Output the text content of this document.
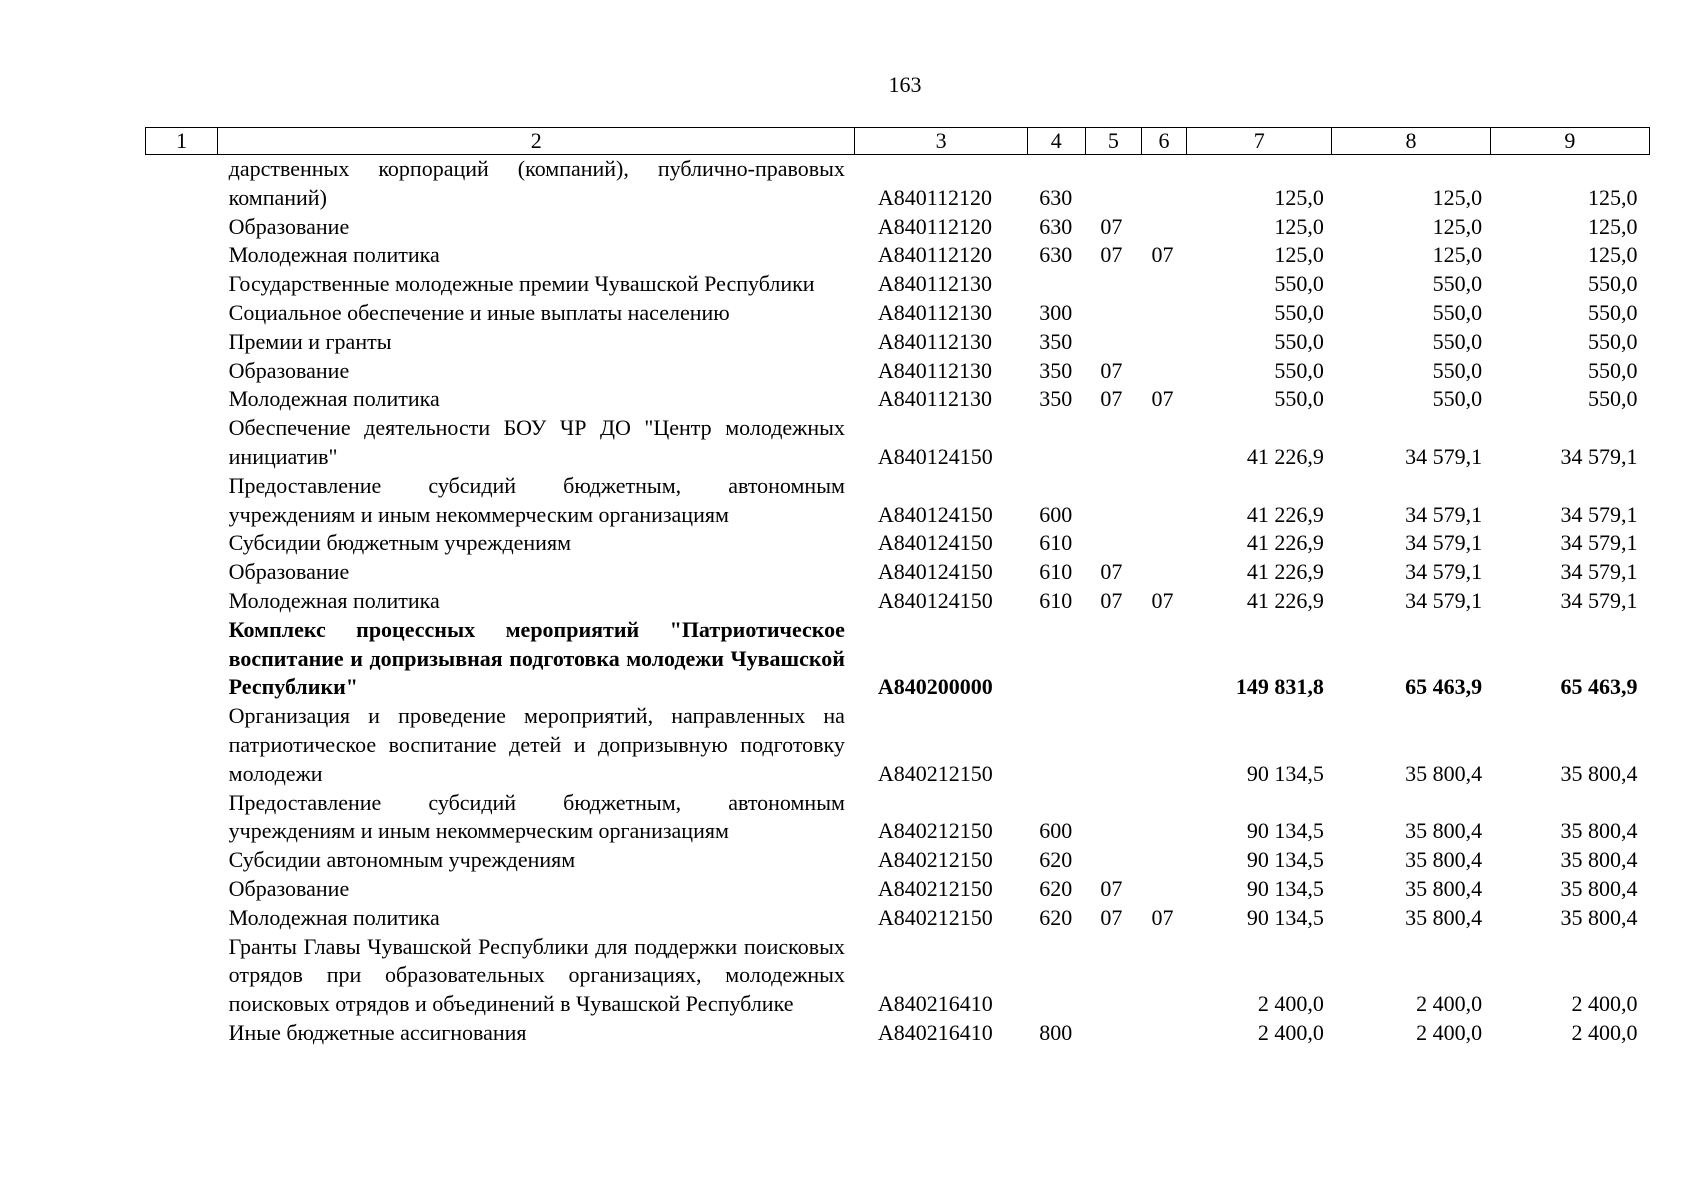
163
1	2	3	4	5	6	7	8	9
	дарственных корпораций (компаний), публично-правовых компаний)	А840112120	630			125,0	125,0	125,0
	Образование	А840112120	630	07		125,0	125,0	125,0
	Молодежная политика	А840112120	630	07	07	125,0	125,0	125,0
	Государственные молодежные премии Чувашской Республики	А840112130				550,0	550,0	550,0
	Социальное обеспечение и иные выплаты населению	А840112130	300			550,0	550,0	550,0
	Премии и гранты	А840112130	350			550,0	550,0	550,0
	Образование	А840112130	350	07		550,0	550,0	550,0
	Молодежная политика	А840112130	350	07	07	550,0	550,0	550,0
	Обеспечение деятельности БОУ ЧР ДО "Центр молодежных инициатив"	А840124150				41 226,9	34 579,1	34 579,1
	Предоставление субсидий бюджетным, автономным учреждениям и иным некоммерческим организациям	А840124150	600			41 226,9	34 579,1	34 579,1
	Субсидии бюджетным учреждениям	А840124150	610			41 226,9	34 579,1	34 579,1
	Образование	А840124150	610	07		41 226,9	34 579,1	34 579,1
	Молодежная политика	А840124150	610	07	07	41 226,9	34 579,1	34 579,1
	Комплекс процессных мероприятий "Патриотическое воспитание и допризывная подготовка молодежи Чувашской Республики"	А840200000				149 831,8	65 463,9	65 463,9
	Организация и проведение мероприятий, направленных на патриотическое воспитание детей и допризывную подготовку молодежи	А840212150				90 134,5	35 800,4	35 800,4
	Предоставление субсидий бюджетным, автономным учреждениям и иным некоммерческим организациям	А840212150	600			90 134,5	35 800,4	35 800,4
	Субсидии автономным учреждениям	А840212150	620			90 134,5	35 800,4	35 800,4
	Образование	А840212150	620	07		90 134,5	35 800,4	35 800,4
	Молодежная политика	А840212150	620	07	07	90 134,5	35 800,4	35 800,4
	Гранты Главы Чувашской Республики для поддержки поисковых отрядов при образовательных организациях, молодежных поисковых отрядов и объединений в Чувашской Республике	А840216410				2 400,0	2 400,0	2 400,0
	Иные бюджетные ассигнования	А840216410	800			2 400,0	2 400,0	2 400,0
